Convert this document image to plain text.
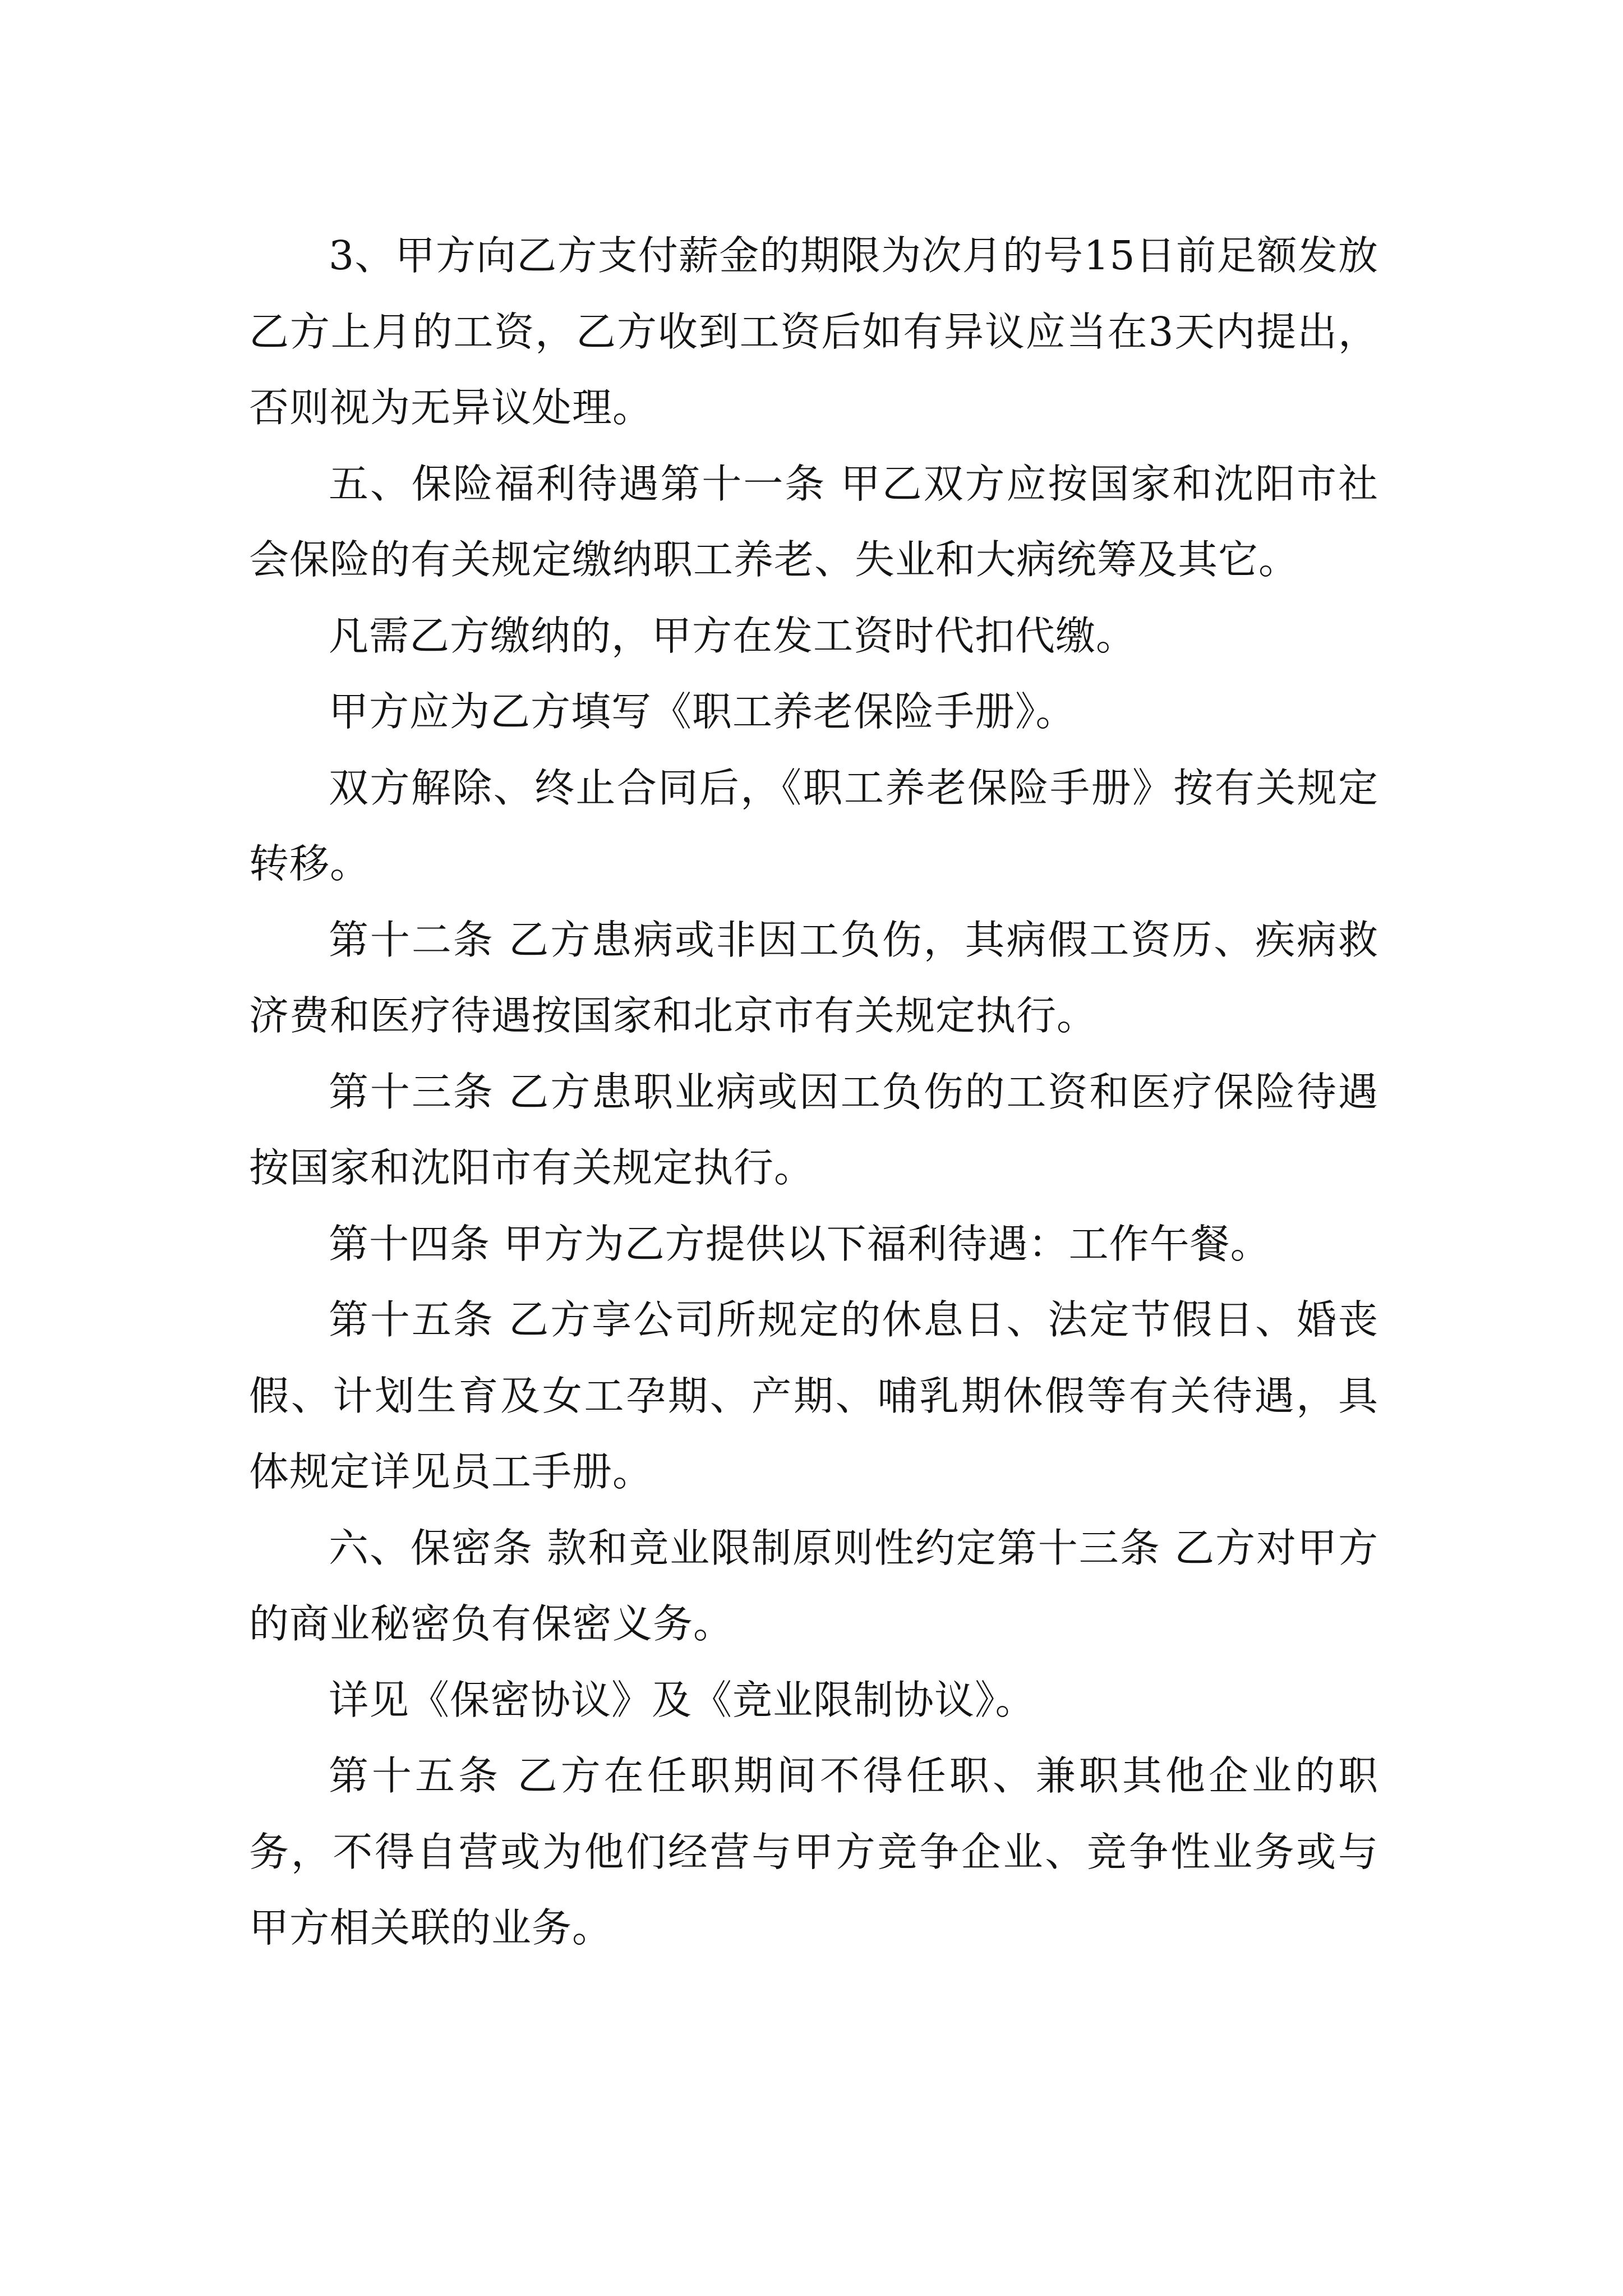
3、甲方向乙方支付薪金的期限为次月的号15日前足额发放乙方上月的工资，乙方收到工资后如有异议应当在3天内提出，否则视为无异议处理。

五、保险福利待遇第十一条 甲乙双方应按国家和沈阳市社会保险的有关规定缴纳职工养老、失业和大病统筹及其它。

凡需乙方缴纳的，甲方在发工资时代扣代缴。

甲方应为乙方填写《职工养老保险手册》。

双方解除、终止合同后，《职工养老保险手册》按有关规定转移。

第十二条 乙方患病或非因工负伤，其病假工资历、疾病救济费和医疗待遇按国家和北京市有关规定执行。

第十三条 乙方患职业病或因工负伤的工资和医疗保险待遇按国家和沈阳市有关规定执行。

第十四条 甲方为乙方提供以下福利待遇：工作午餐。

第十五条 乙方享公司所规定的休息日、法定节假日、婚丧假、计划生育及女工孕期、产期、哺乳期休假等有关待遇，具体规定详见员工手册。

六、保密条 款和竞业限制原则性约定第十三条 乙方对甲方的商业秘密负有保密义务。

详见《保密协议》及《竞业限制协议》。

第十五条 乙方在任职期间不得任职、兼职其他企业的职务，不得自营或为他们经营与甲方竞争企业、竞争性业务或与甲方相关联的业务。
